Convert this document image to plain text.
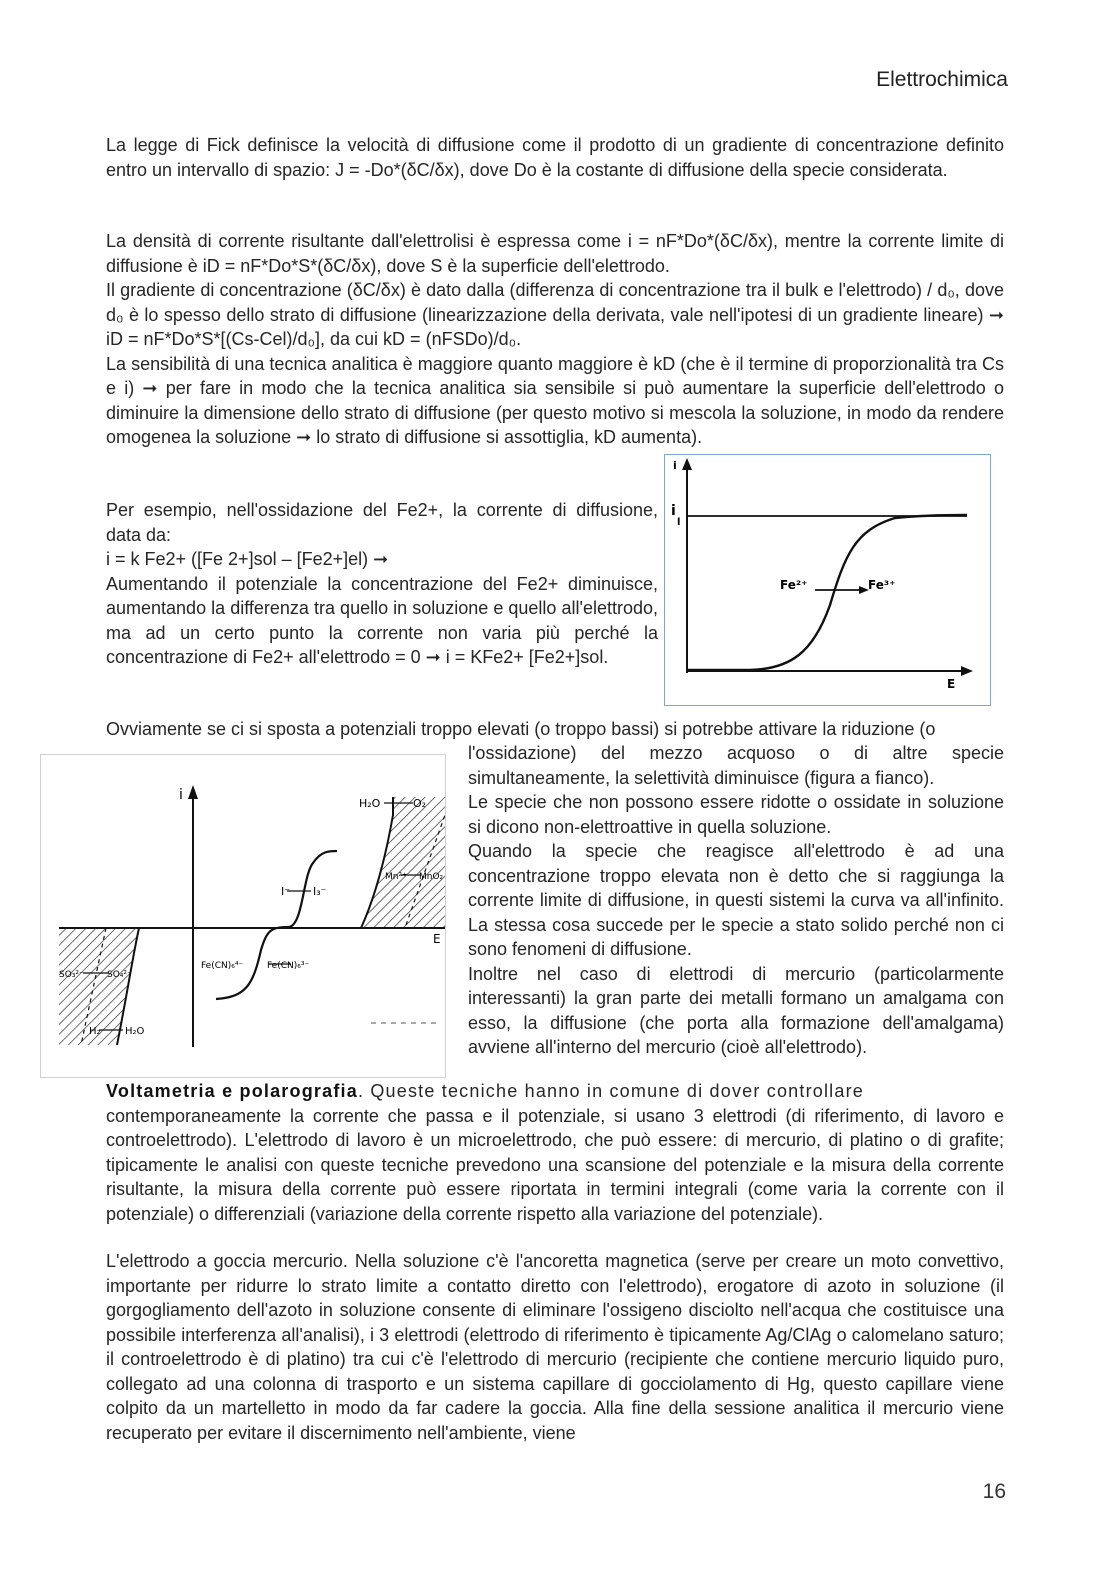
Elettrochimica

La legge di Fick definisce la velocità di diffusione come il prodotto di un gradiente di concentrazione definito entro un intervallo di spazio: J = -Do*(δC/δx), dove Do è la costante di diffusione della specie considerata.

La densità di corrente risultante dall'elettrolisi è espressa come i = nF*Do*(δC/δx), mentre la corrente limite di diffusione è iD = nF*Do*S*(δC/δx), dove S è la superficie dell'elettrodo.

Il gradiente di concentrazione (δC/δx) è dato dalla (differenza di concentrazione tra il bulk e l'elettrodo) / d₀, dove d₀ è lo spesso dello strato di diffusione (linearizzazione della derivata, vale nell'ipotesi di un gradiente lineare) ➞ iD = nF*Do*S*[(Cs-Cel)/d₀], da cui kD = (nFSDo)/d₀.

La sensibilità di una tecnica analitica è maggiore quanto maggiore è kD (che è il termine di proporzionalità tra Cs e i) ➞ per fare in modo che la tecnica analitica sia sensibile si può aumentare la superficie dell'elettrodo o diminuire la dimensione dello strato di diffusione (per questo motivo si mescola la soluzione, in modo da rendere omogenea la soluzione ➞ lo strato di diffusione si assottiglia, kD aumenta).

Per esempio, nell'ossidazione del Fe2+, la corrente di diffusione, data da:

i = k Fe2+ ([Fe 2+]sol – [Fe2+]el) ➞

Aumentando il potenziale la concentrazione del Fe2+ diminuisce, aumentando la differenza tra quello in soluzione e quello all'elettrodo, ma ad un certo punto la corrente non varia più perché la concentrazione di Fe2+ all'elettrodo = 0 ➞ i = KFe2+ [Fe2+]sol.

i
i
l
Fe²⁺	Fe³⁺
E

Ovviamente se ci si sposta a potenziali troppo elevati (o troppo bassi) si potrebbe attivare la riduzione (o

l'ossidazione) del mezzo acquoso o di altre specie simultaneamente, la selettività diminuisce (figura a fianco).

Le specie che non possono essere ridotte o ossidate in soluzione si dicono non-elettroattive in quella soluzione.

Quando la specie che reagisce all'elettrodo è ad una concentrazione troppo elevata non è detto che si raggiunga la corrente limite di diffusione, in questi sistemi la curva va all'infinito. La stessa cosa succede per le specie a stato solido perché non ci sono fenomeni di diffusione.

Inoltre nel caso di elettrodi di mercurio (particolarmente interessanti) la gran parte dei metalli formano un amalgama con esso, la diffusione (che porta alla formazione dell'amalgama) avviene all'interno del mercurio (cioè all'elettrodo).

i
E
H₂O	O₂
Mn²⁺ MnO₂
I⁻ I₃⁻
Fe(CN)₆⁴⁻	Fe(CN)₆³⁻
SO₃²⁻	SO₄²⁻
H₂ H₂O

Voltametria e polarografia. Queste tecniche hanno in comune di dover controllare

contemporaneamente la corrente che passa e il potenziale, si usano 3 elettrodi (di riferimento, di lavoro e controelettrodo). L'elettrodo di lavoro è un microelettrodo, che può essere: di mercurio, di platino o di grafite; tipicamente le analisi con queste tecniche prevedono una scansione del potenziale e la misura della corrente risultante, la misura della corrente può essere riportata in termini integrali (come varia la corrente con il potenziale) o differenziali (variazione della corrente rispetto alla variazione del potenziale).

L'elettrodo a goccia mercurio. Nella soluzione c'è l'ancoretta magnetica (serve per creare un moto convettivo, importante per ridurre lo strato limite a contatto diretto con l'elettrodo), erogatore di azoto in soluzione (il gorgogliamento dell'azoto in soluzione consente di eliminare l'ossigeno disciolto nell'acqua che costituisce una possibile interferenza all'analisi), i 3 elettrodi (elettrodo di riferimento è tipicamente Ag/ClAg o calomelano saturo; il controelettrodo è di platino) tra cui c'è l'elettrodo di mercurio (recipiente che contiene mercurio liquido puro, collegato ad una colonna di trasporto e un sistema capillare di gocciolamento di Hg, questo capillare viene colpito da un martelletto in modo da far cadere la goccia. Alla fine della sessione analitica il mercurio viene recuperato per evitare il discernimento nell'ambiente, viene

16
